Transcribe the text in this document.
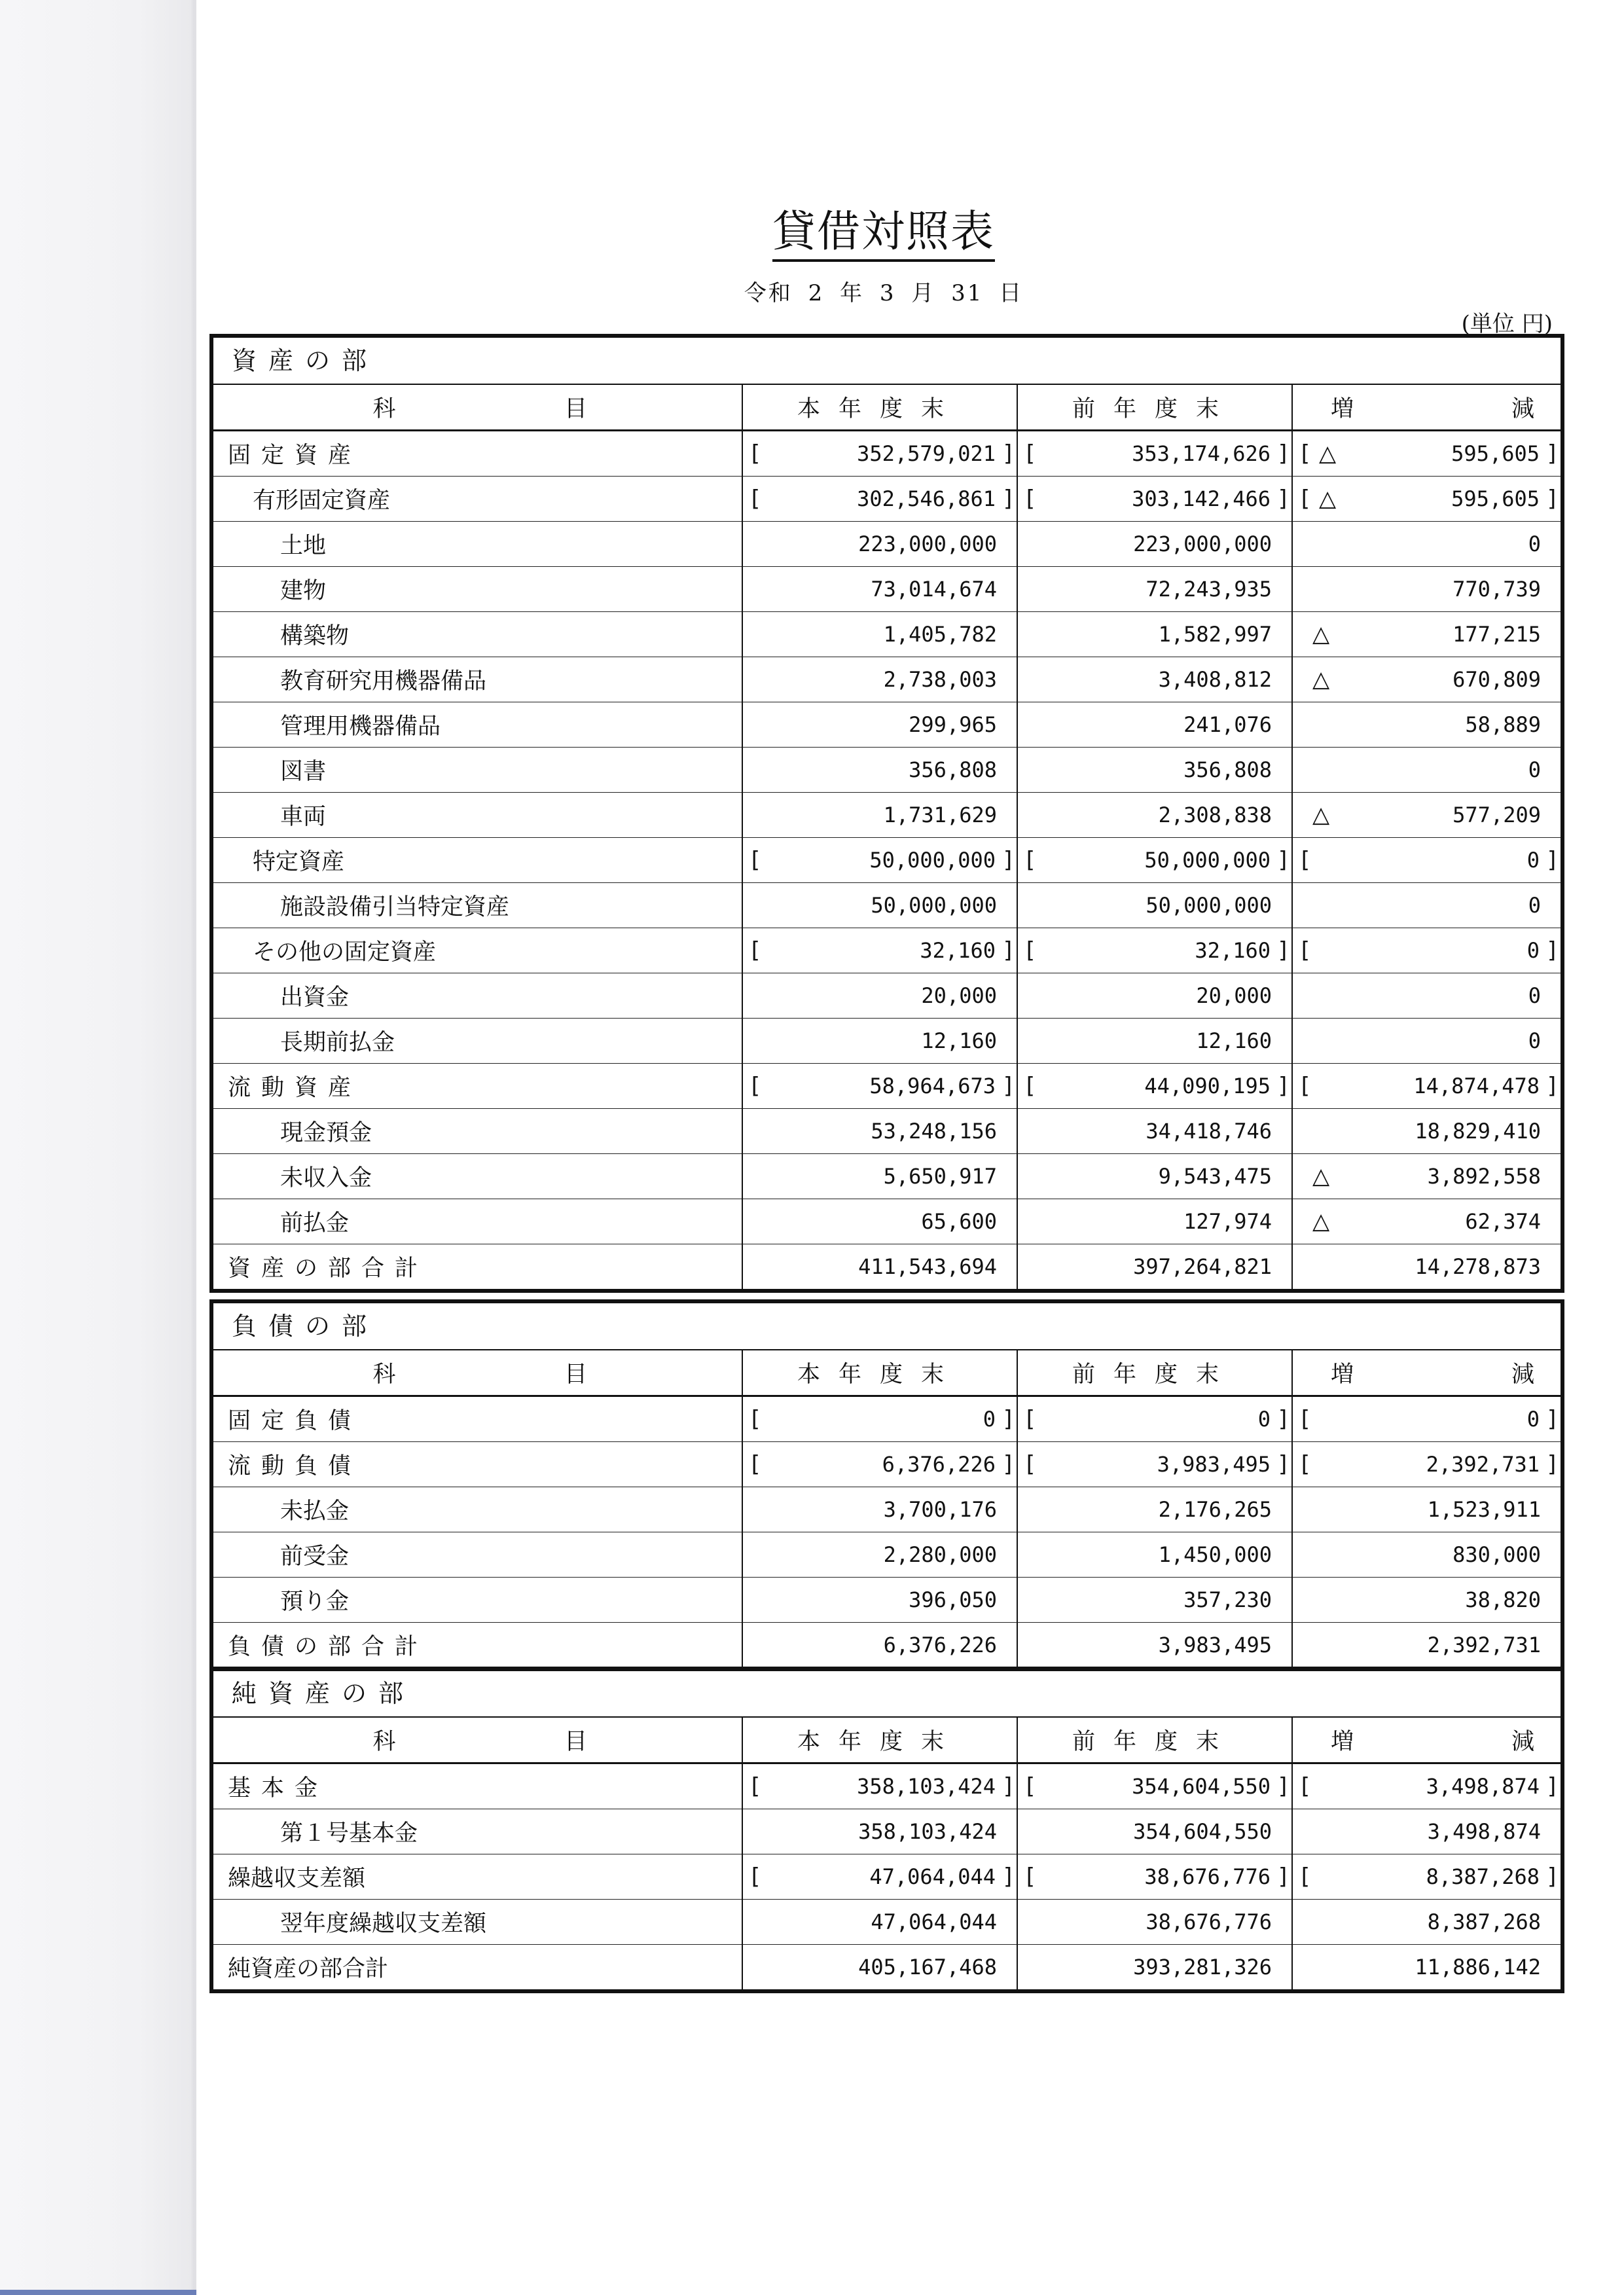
貸借対照表
令和 2 年 3 月 31 日
(単位 円)
資産の部
科 目	本年度末	前年度末	増 減

固定資産	[ 352,579,021 ]	[ 353,174,626 ]	[ △ 595,605 ]

有形固定資産	[ 302,546,861 ]	[ 303,142,466 ]	[ △ 595,605 ]

土地	223,000,000	223,000,000	0
建物	73,014,674	72,243,935	770,739
構築物	1,405,782	1,582,997	△ 177,215
教育研究用機器備品	2,738,003	3,408,812	△ 670,809
管理用機器備品	299,965	241,076	58,889
図書	356,808	356,808	0
車両	1,731,629	2,308,838	△ 577,209
特定資産	[ 50,000,000 ]	[ 50,000,000 ]	[ 0 ]

施設設備引当特定資産	50,000,000	50,000,000	0
その他の固定資産	[ 32,160 ]	[ 32,160 ]	[ 0 ]

出資金	20,000	20,000	0
長期前払金	12,160	12,160	0
流動資産	[ 58,964,673 ]	[ 44,090,195 ]	[ 14,874,478 ]

現金預金	53,248,156	34,418,746	18,829,410
未収入金	5,650,917	9,543,475	△ 3,892,558
前払金	65,600	127,974	△ 62,374
資産の部合計	411,543,694	397,264,821	14,278,873
負債の部
科 目	本年度末	前年度末	増 減

固定負債	[ 0 ]	[ 0 ]	[ 0 ]

流動負債	[ 6,376,226 ]	[ 3,983,495 ]	[ 2,392,731 ]

未払金	3,700,176	2,176,265	1,523,911
前受金	2,280,000	1,450,000	830,000
預り金	396,050	357,230	38,820
負債の部合計	6,376,226	3,983,495	2,392,731
純資産の部
科 目	本年度末	前年度末	増 減

基本金	[ 358,103,424 ]	[ 354,604,550 ]	[ 3,498,874 ]

第１号基本金	358,103,424	354,604,550	3,498,874
繰越収支差額	[ 47,064,044 ]	[ 38,676,776 ]	[ 8,387,268 ]

翌年度繰越収支差額	47,064,044	38,676,776	8,387,268
純資産の部合計	405,167,468	393,281,326	11,886,142
